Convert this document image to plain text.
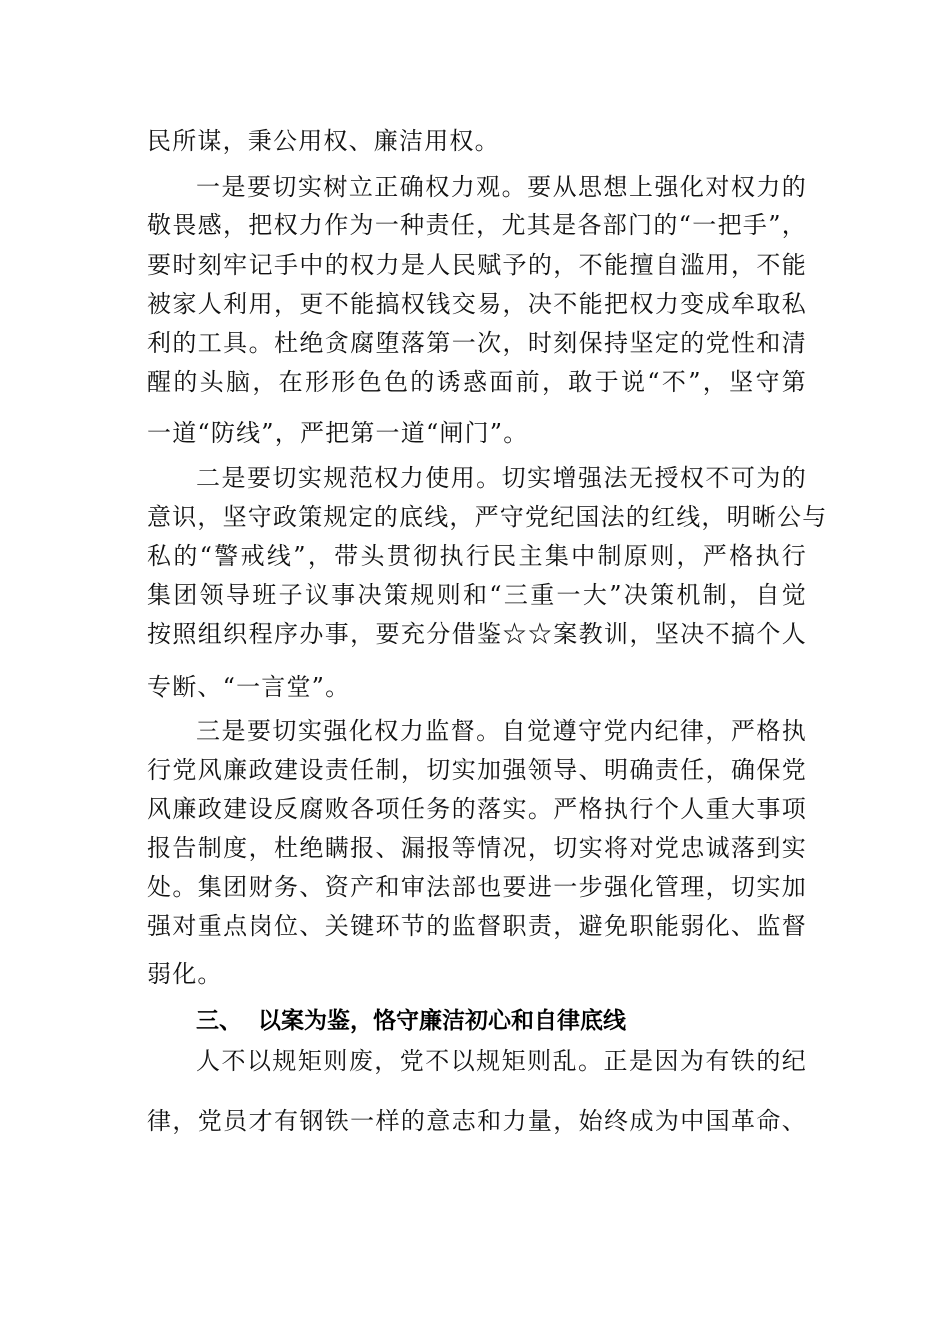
民所谋，秉公用权、廉洁用权。
一是要切实树立正确权力观。要从思想上强化对权力的
敬畏感，把权力作为一种责任，尤其是各部门的“一把手”，
要时刻牢记手中的权力是人民赋予的，不能擅自滥用，不能
被家人利用，更不能搞权钱交易，决不能把权力变成牟取私
利的工具。杜绝贪腐堕落第一次，时刻保持坚定的党性和清
醒的头脑，在形形色色的诱惑面前，敢于说“不”，坚守第
一道“防线”，严把第一道“闸门”。
二是要切实规范权力使用。切实增强法无授权不可为的
意识，坚守政策规定的底线，严守党纪国法的红线，明晰公与
私的“警戒线”，带头贯彻执行民主集中制原则，严格执行
集团领导班子议事决策规则和“三重一大”决策机制，自觉
按照组织程序办事，要充分借鉴☆☆案教训，坚决不搞个人
专断、“一言堂”。
三是要切实强化权力监督。自觉遵守党内纪律，严格执
行党风廉政建设责任制，切实加强领导、明确责任，确保党
风廉政建设反腐败各项任务的落实。严格执行个人重大事项
报告制度，杜绝瞒报、漏报等情况，切实将对党忠诚落到实
处。集团财务、资产和审法部也要进一步强化管理，切实加
强对重点岗位、关键环节的监督职责，避免职能弱化、监督
弱化。
三、 以案为鉴，恪守廉洁初心和自律底线
人不以规矩则废，党不以规矩则乱。正是因为有铁的纪
律，党员才有钢铁一样的意志和力量，始终成为中国革命、
